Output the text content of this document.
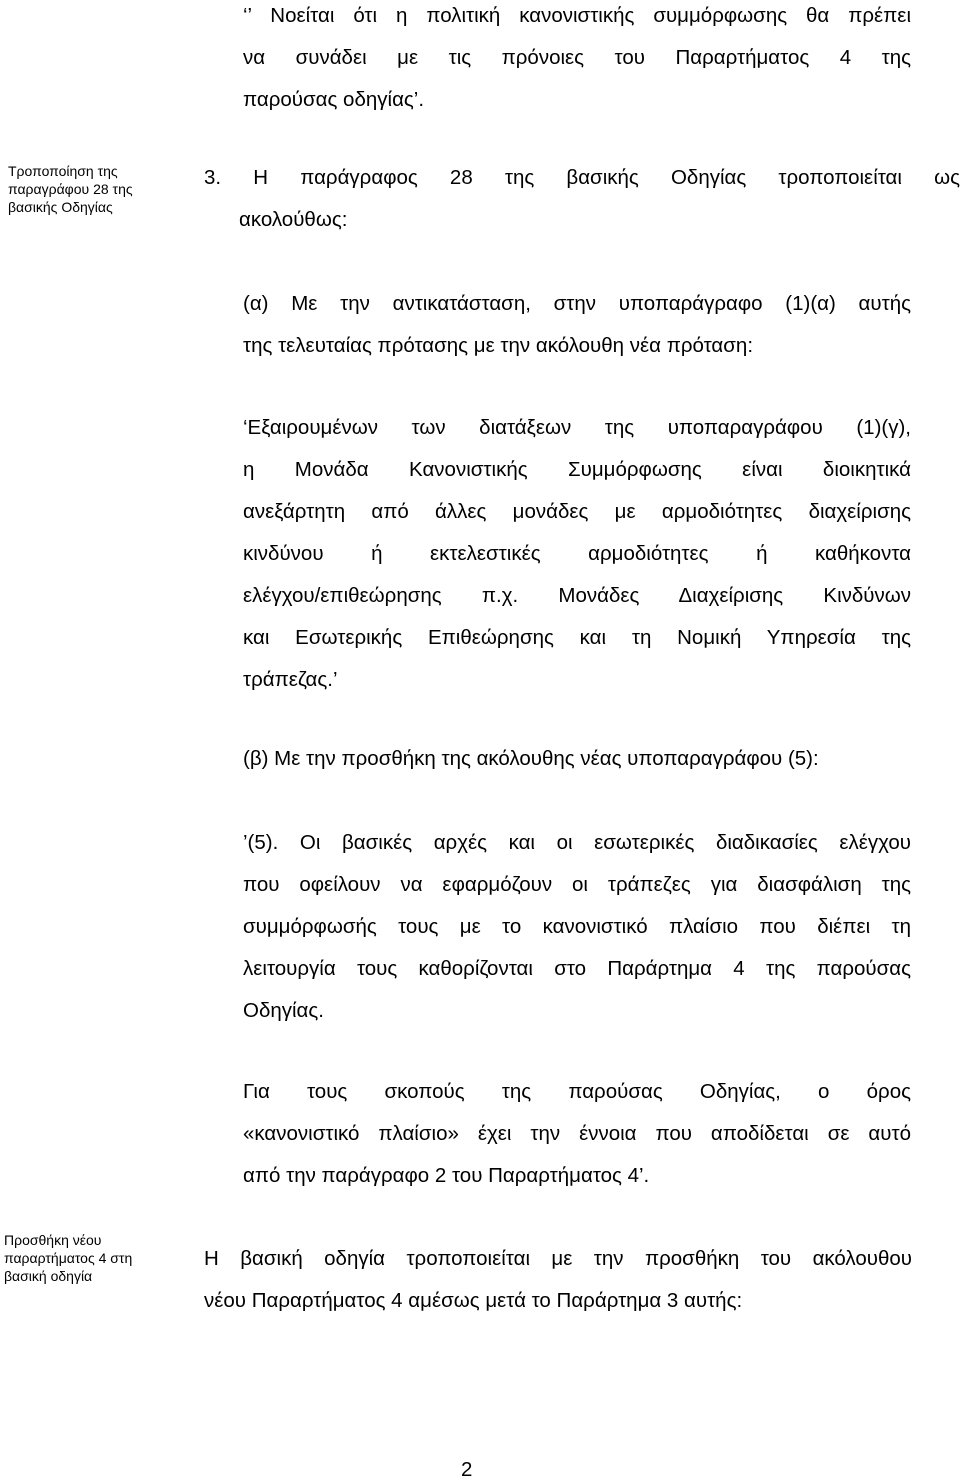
‘’ Νοείται ότι η πολιτική κανονιστικής συμμόρφωσης θα πρέπει
να συνάδει με τις πρόνοιες του Παραρτήματος 4 της
παρούσας οδηγίας’.
Τροποποίηση της
παραγράφου 28 της
βασικής Οδηγίας
3. Η παράγραφος 28 της βασικής Οδηγίας τροποποιείται ως
ακολούθως:
(α) Με την αντικατάσταση, στην υποπαράγραφο (1)(α) αυτής
της τελευταίας πρότασης με την ακόλουθη νέα πρόταση:
‘Εξαιρουμένων των διατάξεων της υποπαραγράφου (1)(γ),
η Μονάδα Κανονιστικής Συμμόρφωσης είναι διοικητικά
ανεξάρτητη από άλλες μονάδες με αρμοδιότητες διαχείρισης
κινδύνου ή εκτελεστικές αρμοδιότητες ή καθήκοντα
ελέγχου/επιθεώρησης π.χ. Μονάδες Διαχείρισης Κινδύνων
και Εσωτερικής Επιθεώρησης και τη Νομική Υπηρεσία της
τράπεζας.’
(β) Με την προσθήκη της ακόλουθης νέας υποπαραγράφου (5):
’(5). Οι βασικές αρχές και οι εσωτερικές διαδικασίες ελέγχου
που οφείλουν να εφαρμόζουν οι τράπεζες για διασφάλιση της
συμμόρφωσής τους με το κανονιστικό πλαίσιο που διέπει τη
λειτουργία τους καθορίζονται στο Παράρτημα 4 της παρούσας
Οδηγίας.
Για τους σκοπούς της παρούσας Οδηγίας, ο όρος
«κανονιστικό πλαίσιο» έχει την έννοια που αποδίδεται σε αυτό
από την παράγραφο 2 του Παραρτήματος 4’.
Προσθήκη νέου
παραρτήματος 4 στη
βασική οδηγία
Η βασική οδηγία τροποποιείται με την προσθήκη του ακόλουθου
νέου Παραρτήματος 4 αμέσως μετά το Παράρτημα 3 αυτής:
2
